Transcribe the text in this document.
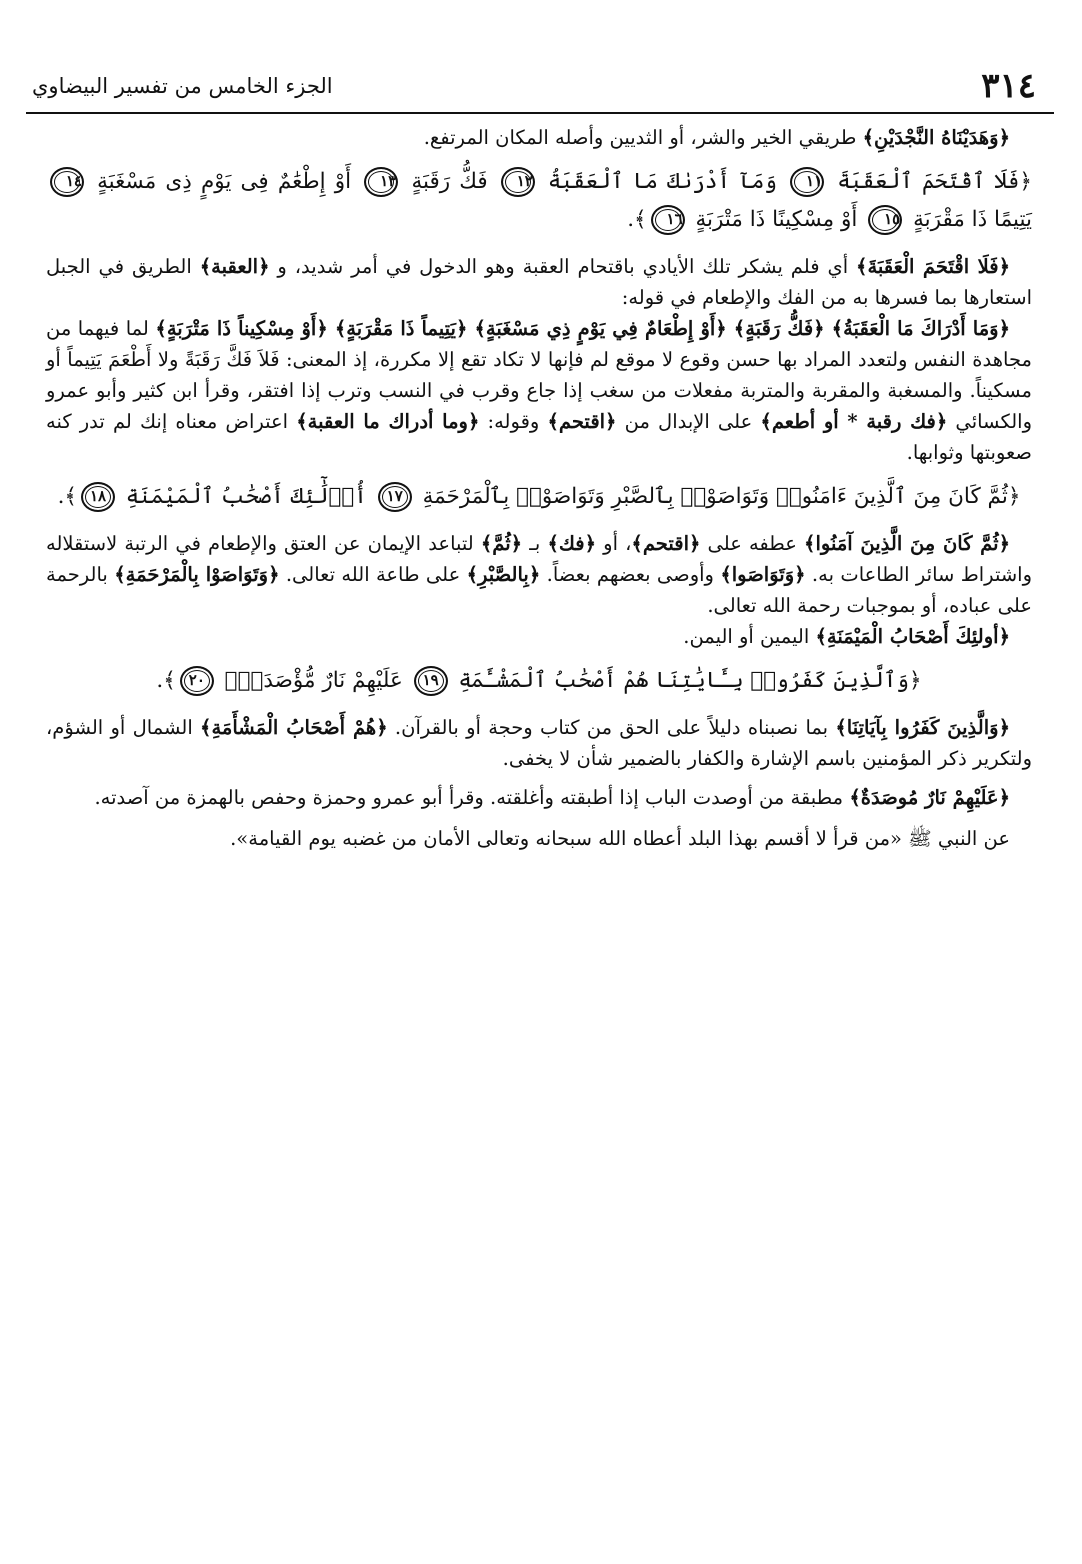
٣١٤
الجزء الخامس من تفسير البيضاوي

﴿وَهَدَيْنَاهُ النَّجْدَيْنِ﴾ طريقي الخير والشر، أو الثديين وأصله المكان المرتفع.

﴿فَلَا ٱقْتَحَمَ ٱلْعَقَبَةَ ١١ وَمَآ أَدْرَىٰكَ مَا ٱلْعَقَبَةُ ١٢ فَكُّ رَقَبَةٍ ١٣ أَوْ إِطْعَٰمٌ فِى يَوْمٍ ذِى مَسْغَبَةٍ ١٤ يَتِيمًا ذَا مَقْرَبَةٍ ١٥ أَوْ مِسْكِينًا ذَا مَتْرَبَةٍ ١٦﴾.

﴿فَلَا اقْتَحَمَ الْعَقَبَةَ﴾ أي فلم يشكر تلك الأيادي باقتحام العقبة وهو الدخول في أمر شديد، و ﴿العقبة﴾ الطريق في الجبل استعارها بما فسرها به من الفك والإطعام في قوله:

﴿وَمَا أَدْرَاكَ مَا الْعَقَبَةُ﴾ ﴿فَكُّ رَقَبَةٍ﴾ ﴿أَوْ إِطْعَامٌ فِي يَوْمٍ ذِي مَسْغَبَةٍ﴾ ﴿يَتِيماً ذَا مَقْرَبَةٍ﴾ ﴿أَوْ مِسْكِيناً ذَا مَتْرَبَةٍ﴾ لما فيهما من مجاهدة النفس ولتعدد المراد بها حسن وقوع لا موقع لم فإنها لا تكاد تقع إلا مكررة، إذ المعنى: فَلاَ فَكَّ رَقَبَةً ولا أَطْعَمَ يَتِيماً أو مسكيناً. والمسغبة والمقربة والمتربة مفعلات من سغب إذا جاع وقرب في النسب وترب إذا افتقر، وقرأ ابن كثير وأبو عمرو والكسائي ﴿فك رقبة * أو أطعم﴾ على الإبدال من ﴿اقتحم﴾ وقوله: ﴿وما أدراك ما العقبة﴾ اعتراض معناه إنك لم تدر كنه صعوبتها وثوابها.

﴿ثُمَّ كَانَ مِنَ ٱلَّذِينَ ءَامَنُوا۟ وَتَوَاصَوْا۟ بِٱلصَّبْرِ وَتَوَاصَوْا۟ بِٱلْمَرْحَمَةِ ١٧ أُو۟لَٰٓئِكَ أَصْحَٰبُ ٱلْمَيْمَنَةِ ١٨﴾.

﴿ثُمَّ كَانَ مِنَ الَّذِينَ آمَنُوا﴾ عطفه على ﴿اقتحم﴾، أو ﴿فك﴾ بـ ﴿ثُمَّ﴾ لتباعد الإيمان عن العتق والإطعام في الرتبة لاستقلاله واشتراط سائر الطاعات به. ﴿وَتَوَاصَوا﴾ وأوصى بعضهم بعضاً. ﴿بِالصَّبْرِ﴾ على طاعة الله تعالى. ﴿وَتَوَاصَوْا بِالْمَرْحَمَةِ﴾ بالرحمة على عباده، أو بموجبات رحمة الله تعالى.

﴿أولئِكَ أَصْحَابُ الْمَيْمَنَةِ﴾ اليمين أو اليمن.

﴿وَٱلَّذِينَ كَفَرُوا۟ بِـَٔايَٰتِنَا هُمْ أَصْحَٰبُ ٱلْمَشْـَٔمَةِ ١٩ عَلَيْهِمْ نَارٌ مُّؤْصَدَةٌۢ ٢٠﴾.

﴿وَالَّذِينَ كَفَرُوا بِآيَاتِنَا﴾ بما نصبناه دليلاً على الحق من كتاب وحجة أو بالقرآن. ﴿هُمْ أَصْحَابُ الْمَشْأَمَةِ﴾ الشمال أو الشؤم، ولتكرير ذكر المؤمنين باسم الإشارة والكفار بالضمير شأن لا يخفى.

﴿عَلَيْهِمْ نَارٌ مُوصَدَةٌ﴾ مطبقة من أوصدت الباب إذا أطبقته وأغلقته. وقرأ أبو عمرو وحمزة وحفص بالهمزة من آصدته.

عن النبي ﷺ «من قرأ لا أقسم بهذا البلد أعطاه الله سبحانه وتعالى الأمان من غضبه يوم القيامة».
